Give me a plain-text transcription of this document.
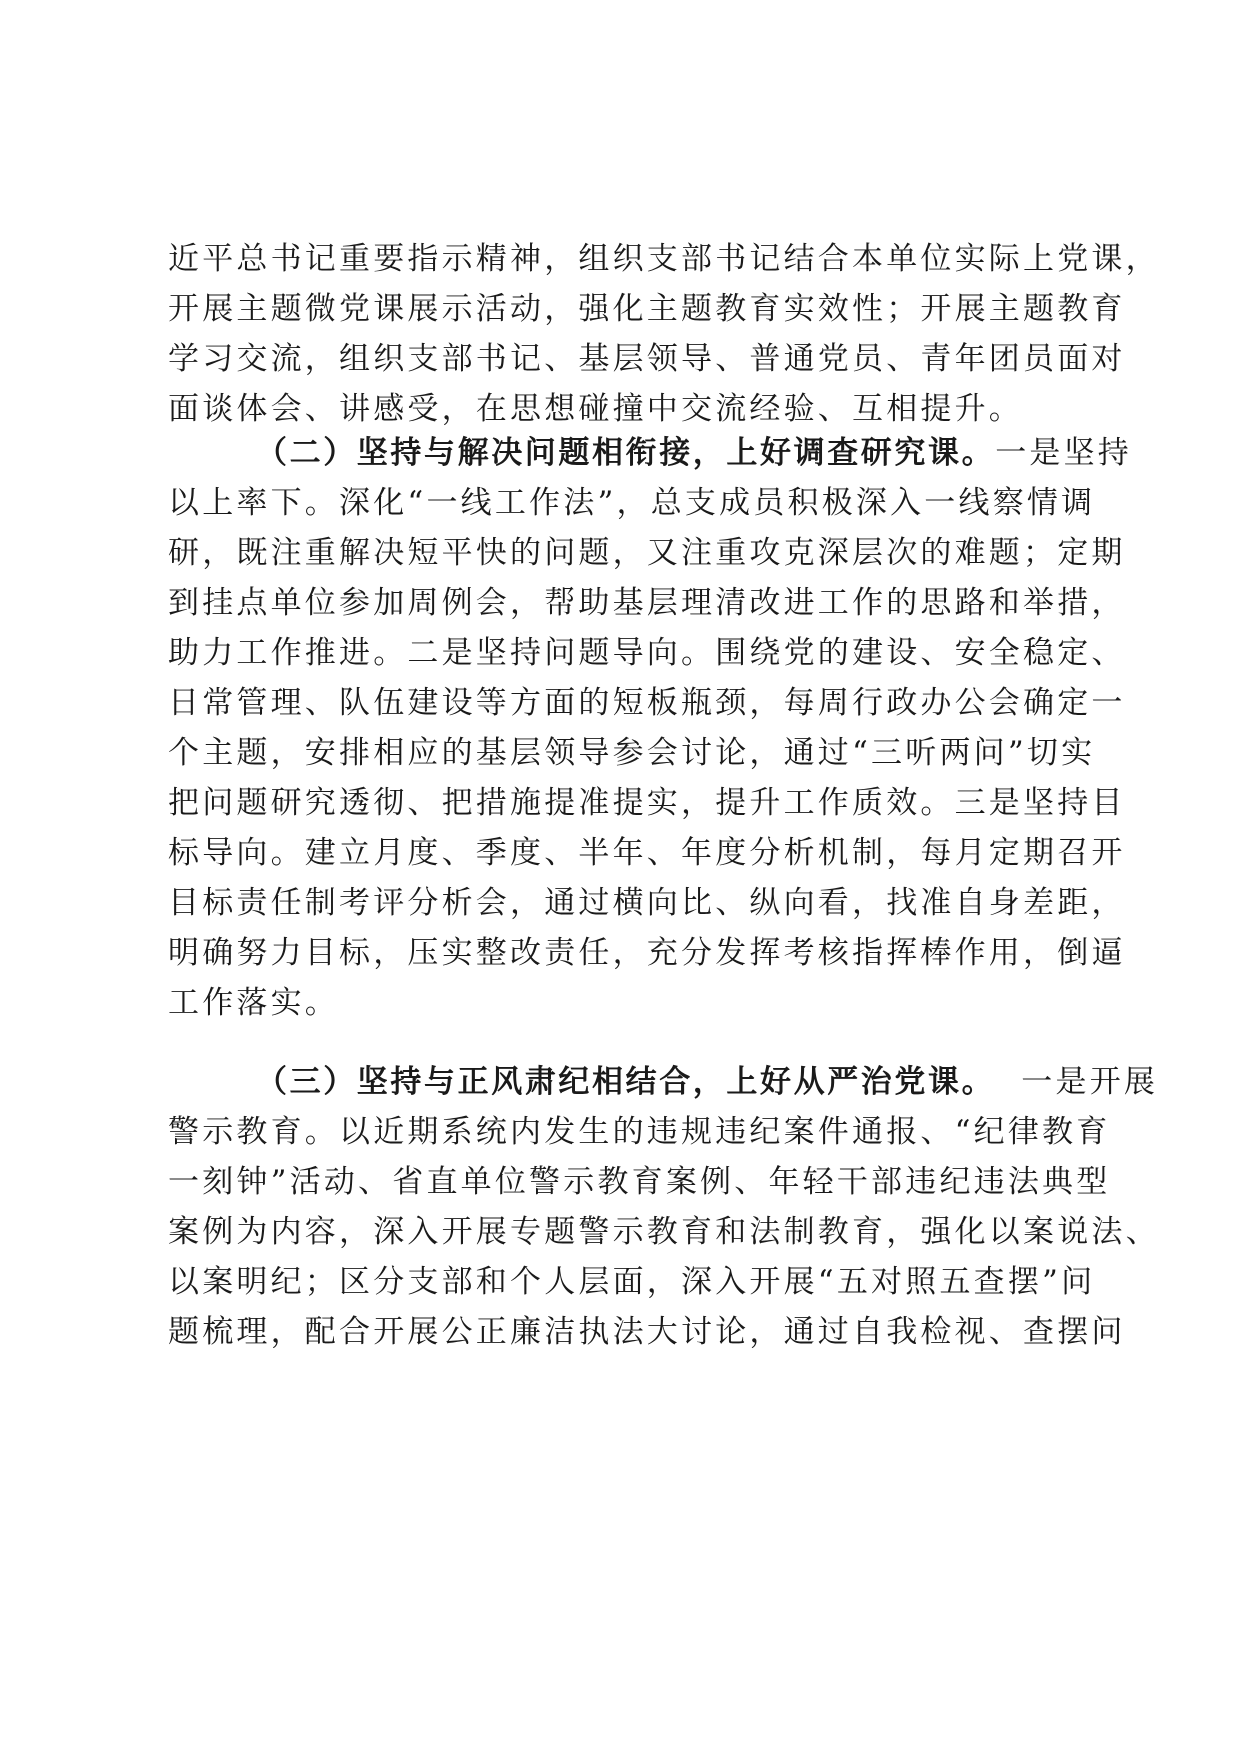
近平总书记重要指示精神，组织支部书记结合本单位实际上党课，
开展主题微党课展示活动，强化主题教育实效性；开展主题教育
学习交流，组织支部书记、基层领导、普通党员、青年团员面对
面谈体会、讲感受，在思想碰撞中交流经验、互相提升。
（二）坚持与解决问题相衔接，上好调查研究课。一是坚持
以上率下。深化“一线工作法”，总支成员积极深入一线察情调
研，既注重解决短平快的问题，又注重攻克深层次的难题；定期
到挂点单位参加周例会，帮助基层理清改进工作的思路和举措，
助力工作推进。二是坚持问题导向。围绕党的建设、安全稳定、
日常管理、队伍建设等方面的短板瓶颈，每周行政办公会确定一
个主题，安排相应的基层领导参会讨论，通过“三听两问”切实
把问题研究透彻、把措施提准提实，提升工作质效。三是坚持目
标导向。建立月度、季度、半年、年度分析机制，每月定期召开
目标责任制考评分析会，通过横向比、纵向看，找准自身差距，
明确努力目标，压实整改责任，充分发挥考核指挥棒作用，倒逼
工作落实。
（三）坚持与正风肃纪相结合，上好从严治党课。  一是开展
警示教育。以近期系统内发生的违规违纪案件通报、“纪律教育
一刻钟”活动、省直单位警示教育案例、年轻干部违纪违法典型
案例为内容，深入开展专题警示教育和法制教育，强化以案说法、
以案明纪；区分支部和个人层面，深入开展“五对照五查摆”问
题梳理，配合开展公正廉洁执法大讨论，通过自我检视、查摆问
